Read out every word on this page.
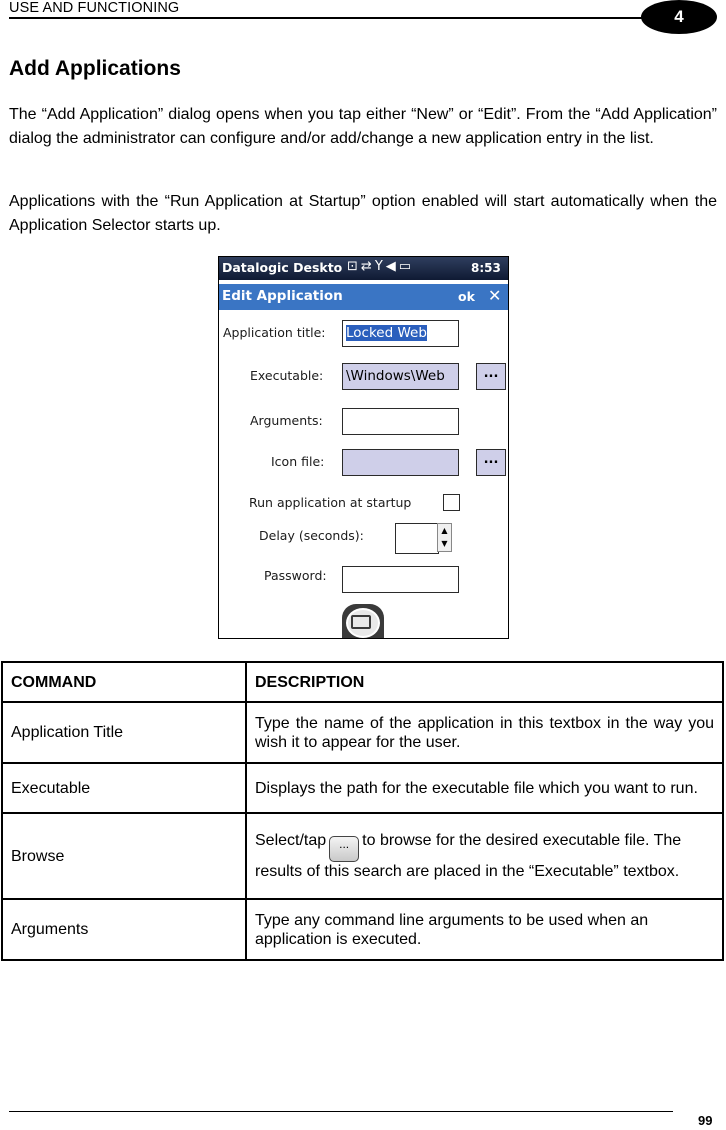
USE AND FUNCTIONING	4
Add Applications

The “Add Application” dialog opens when you tap either “New” or “Edit”. From the “Add Application” dialog the administrator can configure and/or add/change a new application entry in the list.

Applications with the “Run Application at Startup” option enabled will start automatically when the Application Selector starts up.

Datalogic Deskto ⊡⇄Y◀▭	8:53
Edit Application	ok ✕
Application title: Locked Web
Executable: \Windows\Web	...
Arguments:
Icon file:	...
Run application at startup
Delay (seconds):	▲
▼
Password:
COMMAND	DESCRIPTION
Application Title	Type the name of the application in this textbox in the way you wish it to appear for the user.
Executable	Displays the path for the executable file which you want to run.
Browse	Select/tap ... to browse for the desired executable file. The results of this search are placed in the “Executable” textbox.
Arguments	Type any command line arguments to be used when an application is executed.
99
